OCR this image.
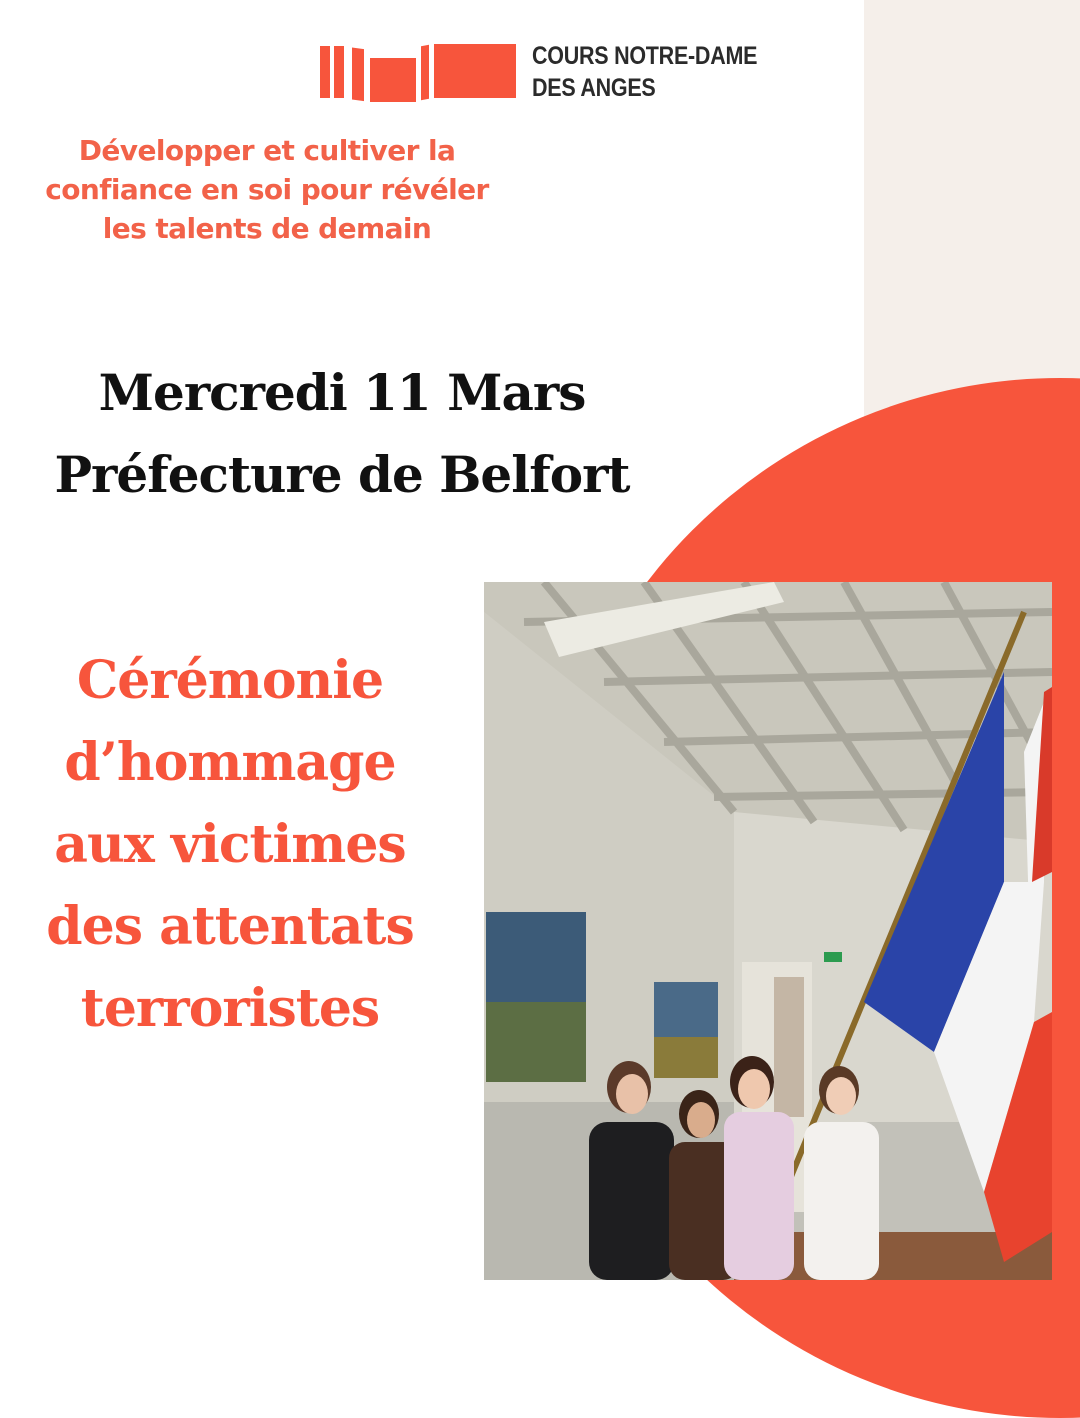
COURS NOTRE-DAME
DES ANGES
Développer et cultiver la
confiance en soi pour révéler
les talents de demain
Mercredi 11 Mars
Préfecture de Belfort
Cérémonie
d’hommage
aux victimes
des attentats
terroristes
